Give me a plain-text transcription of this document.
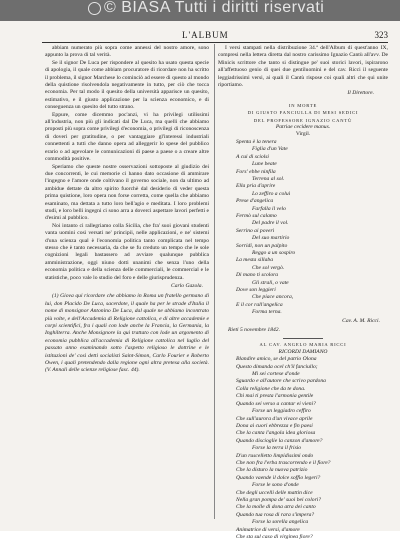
© BIASA Tutti i diritti riservati
L'ALBUM	323

abbiam numerato più sopra come annessi del nostro amore, sono appunto la prova di tal verità.

Se il signor De Luca per rispondere al quesito ha usato questa specie di apologia, il quale come abbiam procuratore di ricordare non ha scritto il problema, il signor Marchese lo cominciò ad essere di questo al mondo della quistione risolvendola negativamente in tutto, per ciò che tocca economia. Per tal modo il quesito della università apparisce un quesito, estimativo, e il giusto applicazione per la scienza economico, e di conseguenza un quesito del tutto strano.

Eppure, come dicemmo poc'anzi, vi ha privilegi utilissimi all'industria, non più gli indicati dal De Luca, ma quelli che abbiamo proposti più sopra come privilegi d'economia, o privilegi di riconoscenza di doveri per gratitudine, o per vantaggiare gl'interessi industriali connettenti a tutti che danno opera ad alleggerir lo spese del pubblico erario o ad agevolare le comunicazioni di paese a paese o a creare altre commodità positive.

Speriamo che queste nostre osservazioni sottoposte al giudizio dei due concorrenti, le cui memorie ci hanno dato occasione di ammirare l'ingegno e l'amore onde coltivano il governo sociale, non da ultimo ad ambidue dettate da altro spirito fuorchè dal desiderio di veder questa prima quistione, loro opera non forse corretta, come quella che abbiamo esaminato, ma dettata a tutto loro bell'agio e meditata. I loro problemi studi, e loro belli ingegni ci sono arra a doverci aspettare lavori perfetti e d'esimi al pubblico.

Noi intanto ci rallegriamo colla Sicilia, che fra' suoi giovani studenti vanta uomini così versati ne' principii, nelle applicazioni, e ne' sistemi d'una scienza qual è l'economia politica tanto complicata nel tempo stesso che è tanto necessaria, da che se fu creduto un tempo che le sole cognizioni legali bastassero ad avviare qualunque pubblica amministrazione, oggi niuno dotti unanimi che senza l'uno della economia politica e della scienza delle commerciali, le commercial e le statistiche, poco vale lo studio del foro e delle giurisprudenza.

Carlo Gazola.

(1) Giova qui ricordare che abbiamo in Roma un fratello germano di lui, don Placido De Luca, sacerdote, il quale ha per le strade d'Italia il nome di monsignor Antonino De Luca, dal quale ne abbiamo incontrato più volte, e dell'Accademia di Religione cattolica, e di altre accademie e corpi scientifici, fra i quali con lode anche la Francia, la Germania, la Inghilterra. Anche Monsignore la qui trattato con lode un argomento di economia pubblica all'accademia di Religione cattolica nel luglio del passato anno esaminando sotto l'aspetto religioso le dottrine e le istituzioni de' così detti socialisti Saint-Simon, Carlo Fourier e Roberto Owen, i quali pretendendo dalla regione ogni altra pretesa alla società. (V. Annali delle scienze religiose fasc. 44).

I versi stampati nella distribuzione 34.ª dell'Album di quest'anno IX, compresi nella lettera diretta dal nostro carissimo Ignazio Cantù all'avv. De Minicis scrittore che tanto si distingue pe' suoi storici lavori, ispirarono all'affettuoso genio di quei due gentiluomini e del cav. Ricci il seguente leggiadrissimi versi, ai quali il Cantù rispose coi quali altri che qui unite riportiamo.

Il Direttore.
IN MORTE
DI GIUSTO FANCIULLA DI MESI SEDICI
DEL PROFESSORE IGNAZIO CANTÙ
Patriae cecidere manus.
Virgil.
Spenta è la tenera
Figlia d'un Vate
A cui di sciolsi
Lune beate
Fors' ebbe ninfila
Terrena al sol.
Ella pria d'aprire
Lo zeffiro a colui
Prese d'angelica
Farfalla il velo
Fermò sul calamo
Del padre il vol.
Serrino ai poveri
Del suo martirio
Sorridi, non un palpito
Reggo a un sospiro
La mesta sillaba
Che sol vergò.
Di mano ti scolora
Gli strali, o vate
Dove son leggieri
Che piace ancora,
E il cor rall'angelica
Forma terna.
Cav. A. M. Ricci.
Rieti 5 novembre 1842.
AL CAV. ANGELO MARIA RICCI
RICORDI DAMIANO
Blandire amico, se del patrio Olona
Questo dimanda ocel ch'il fanciullo;
Mi sei cortese d'onde
Sguardo e all'autore che scrivo pardona
Colla religione che da te dona.
Chi mai ti presta l'armonia gentile
Quando sei verso a cantar ei vieni?
Forse un leggiadro ceffiro
Che sull'aurora d'un vivace aprile
Dona ai cuori ebbrezza e fin paesi
Che la canta l'angola idea gloriosa
Quando discioglie la canzon d'amore?
Forse la terra il frisio
D'un ruscelletto limpidissimi ondo
Che non fra l'erba trascorrendo e il fiore?
Che la disturo la nuova patrizio
Quando vaende il dolce soffio legeri?
Forse le sono d'onde
Che degli uccelli delle mattin dice
Nella gran pompa de' suoi bei colori?
Che la molle di dona atra dei canto
Quando tua rosa di rara s'impera?
Forse la sorella angelica
Animatrice di versi, d'amore
Che sta sul caso di virginea fiore?
